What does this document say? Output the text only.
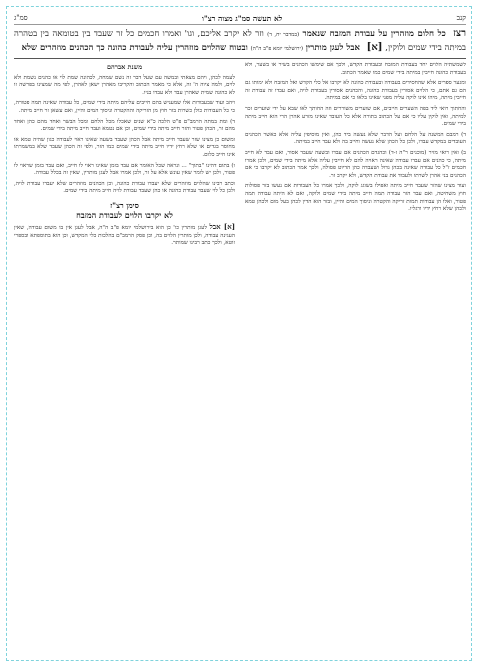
קנב
לא תעשה סמ"ג מצוה רצ"ו
סמ"ג
רצז כל חלום מוזהרין על עבודת המזבח שנאמר (במדבר יח, ד) וזר לא יקרב אליכם, וגו' ואמרו חכמים כל זר שעבד בין בטומאה בין בטהרה במיתה בידי שמים ולוקין, [א] אבל לעגן מותרין (ירושלמי יומא פ"ב ה"ה) ובטוח שהלוים מוזהרין עליה לעבודת כהונה כך הכהנים מוזהרים שלא

לשמשתיה הלוים יחד בעבודת המזבח ובעבודת הקדש, ולכך אם שימשו הכהנים בשיר או בשער, ולא בעבודת כהונה חייבין במיתה בידי שמים כמו שאמר הכתוב.

ומגער ספרים אלא שהחסידים בעבודה ובעבודת כהונה לא יקרבו אל כלי הקדש ואל המזבח ולא ימותו גם הם גם אתם, כי הלוים אסורין בעבודת כהונה, והכהנים אסורין בעבודת לויה, ואם עבדו זה עבודת זה חייבין מיתה, מיהו אינו לוקה עליה מפני שאינו בלאו כי אם במיתה.

והחתוך רואי ליד בפה השערים חייבים, אם שוערים משוררים וזה החותך לאו שבא על ידי שוערים זכר למיתה, ואין לוקין עליו כי אם על הכתוב בתורה אלא כל העובד שאינו מזרע אהרן הרי הוא חייב מיתה בידי שמים.

ד) רמבם המשנה על הלחם ועל הדבר שלא נעשה ביד כהן, ואין מוסיפין עליה אלא כאשר הכהנים העובדים במקדש עבדו, ולכן כל הכהן שלא נעשה וחייב בה ולא עבד חייב במיתה.

ב) ואין רואי מזיר (מוכנים ר"ה ז-ד) וכהגדם הכהנים אם עבדו ובשעה שעבד אסור, ואם עבד לא חייב מיתה, כי כהנים אם עבדו עבודה שאינה ראויה להם לא חייבין עליה אלא מיתה בידי שמים, ולכן אמרו חכמים ז"ל כל עבודה שאינה בכהן גדול ושעבדה כהן הדיוט פסולה, ולכך אמר הכתוב לא יקרבו כי אם הכהנים בני אהרן לשרתו ולעבוד את עבודת הקדש, ולא יקרב זר.

ועוד מצינו שהזר שעבד חייב מיתה ואפילו בשוגג לוקה, ולכך אמרו כל העבודות אם נעשו בזר פסולות חוץ משחיטה, ואם עבד הזר עבודה תמה חייב מיתה בידי שמים ולוקה, ואם לא היתה עבודה תמה פטור, ואלו הן עבודות תמות זריקה והקטרה וניסוך המים והיין, ובזר הוא הדין לכהן בעל מום ולכהן טמא ולכהן שלא רחץ ידיו ורגליו.

משנת אברהם

לעמה לכהן, ויהם מצאתי ובמשה עם שעל דבר זה נשם שמחה, לכהונה שמת לוי או כהנים נשמת ולא לוים, ולמה ציוה ה' זה, אלא כי מאמר הכתוב והקריבו מאהרן ישאן לאהרן, לפי מה שמצינו בפרשה זו לא כהונה שמית שאהרן עבד ולא עבדו בניו.

ויהב ועוד שבעבודות אלו שמעניש בהם חייבים עליהם מיתה בידי שמים, כל עבודה שאינה תמה פטורה, כי כל העבודות כולן כשרות בזר חוץ מן הזריקה וההקטרה וניסוך המים והיין, ואם עשאן זר חייב מיתה.

ד) ומת במתה הרמב"ם פ"ט הלכה כ"א שנים שאכלו מכל הלחם ומכל הבשר ואחד מהם כהן ואחד מהם זר, הכהן פטור והזר חייב מיתה בידי שמים, וכן אם נטמא ועבד חייב מיתה בידי שמים.

ומשום כן מצינו שזר שעבד חייב מיתה אבל הכהן שעבד בשעה שאינו ראוי לעבודה כגון שהיה טמא או מחוסר בגדים או שלא רחץ ידיו חייב מיתה בידי שמים כמו הזר, ולפי זה הכהן שעבד שלא במשמרתו אינו חייב כלום.

ו) בתום דהינו "בתוך" ... ונראה שכל האומר אם עבד בזמן שאינו ראוי לו חייב, ואם עבד בזמן שראוי לו פטור, ולכן יש לומר שאין עונש אלא על זר, ולכן אמרו אבל לעגן מותרין, שאין זה בכלל עבודה.

וכתב רבינו שהלוים מוזהרים שלא יעבדו עבודת כהונה, וכן הכהנים מוזהרים שלא יעבדו עבודת לויה, ולכן כל לוי שעבד עבודת כהונה או כהן שעבד עבודת לויה חייב מיתה בידי שמים.

סימן רצ"ז
לא יקרבו הלוים לעבודת המזבח

[א] אבל לעגן מותרין כו' כן הוא בירושלמי יומא פ"ב ה"ה, אבל לעגן אין בו משום עבודה, שאין העגינה עבודה, ולכן מותרין הלוים בה, וכן פסק הרמב"ם בהלכות כלי המקדש, וכן הוא בתוספתא ובספרי זוטא, ולכך כתב רבינו שמותר.
